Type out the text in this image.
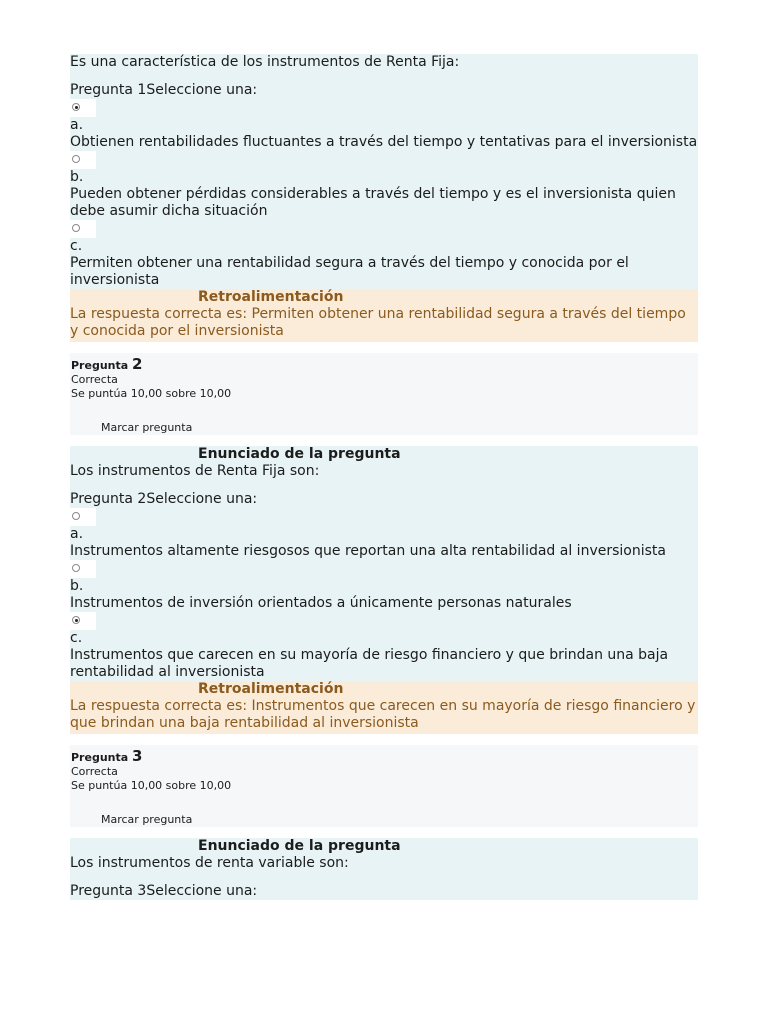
Es una característica de los instrumentos de Renta Fija:
Pregunta 1Seleccione una:
a.
Obtienen rentabilidades fluctuantes a través del tiempo y tentativas para el inversionista
b.
Pueden obtener pérdidas considerables a través del tiempo y es el inversionista quien debe asumir dicha situación
c.
Permiten obtener una rentabilidad segura a través del tiempo y conocida por el inversionista
Retroalimentación
La respuesta correcta es: Permiten obtener una rentabilidad segura a través del tiempo y conocida por el inversionista
Pregunta 2
Correcta
Se puntúa 10,00 sobre 10,00
Marcar pregunta
Enunciado de la pregunta
Los instrumentos de Renta Fija son:
Pregunta 2Seleccione una:
a.
Instrumentos altamente riesgosos que reportan una alta rentabilidad al inversionista
b.
Instrumentos de inversión orientados a únicamente personas naturales
c.
Instrumentos que carecen en su mayoría de riesgo financiero y que brindan una baja rentabilidad al inversionista
Retroalimentación
La respuesta correcta es: Instrumentos que carecen en su mayoría de riesgo financiero y que brindan una baja rentabilidad al inversionista
Pregunta 3
Correcta
Se puntúa 10,00 sobre 10,00
Marcar pregunta
Enunciado de la pregunta
Los instrumentos de renta variable son:
Pregunta 3Seleccione una:
